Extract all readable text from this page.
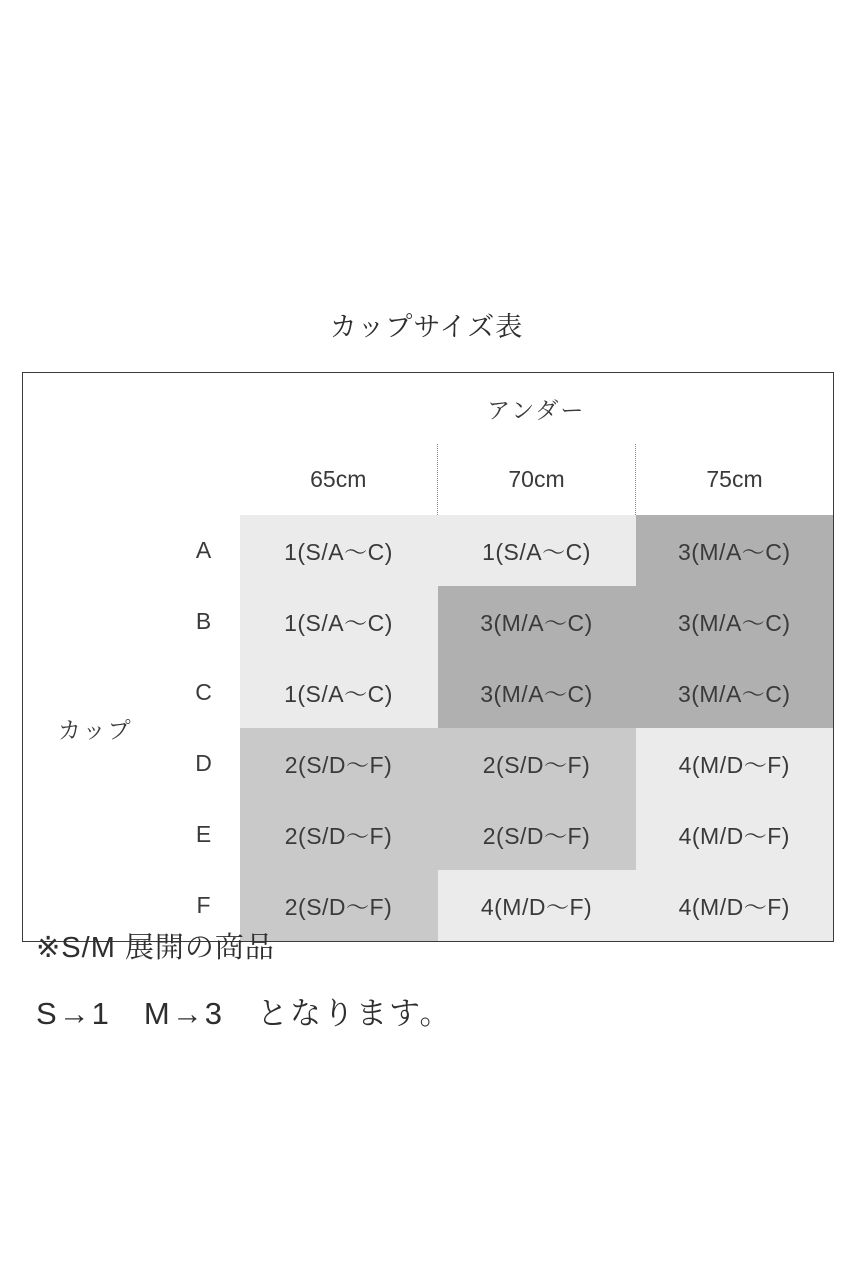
カップサイズ表
		アンダー		
		65cm	70cm	75cm
カップ	A	1(S/A〜C)	1(S/A〜C)	3(M/A〜C)
	B	1(S/A〜C)	3(M/A〜C)	3(M/A〜C)
	C	1(S/A〜C)	3(M/A〜C)	3(M/A〜C)
	D	2(S/D〜F)	2(S/D〜F)	4(M/D〜F)
	E	2(S/D〜F)	2(S/D〜F)	4(M/D〜F)
	F	2(S/D〜F)	4(M/D〜F)	4(M/D〜F)
※S/M 展開の商品
S→1　M→3　となります。
